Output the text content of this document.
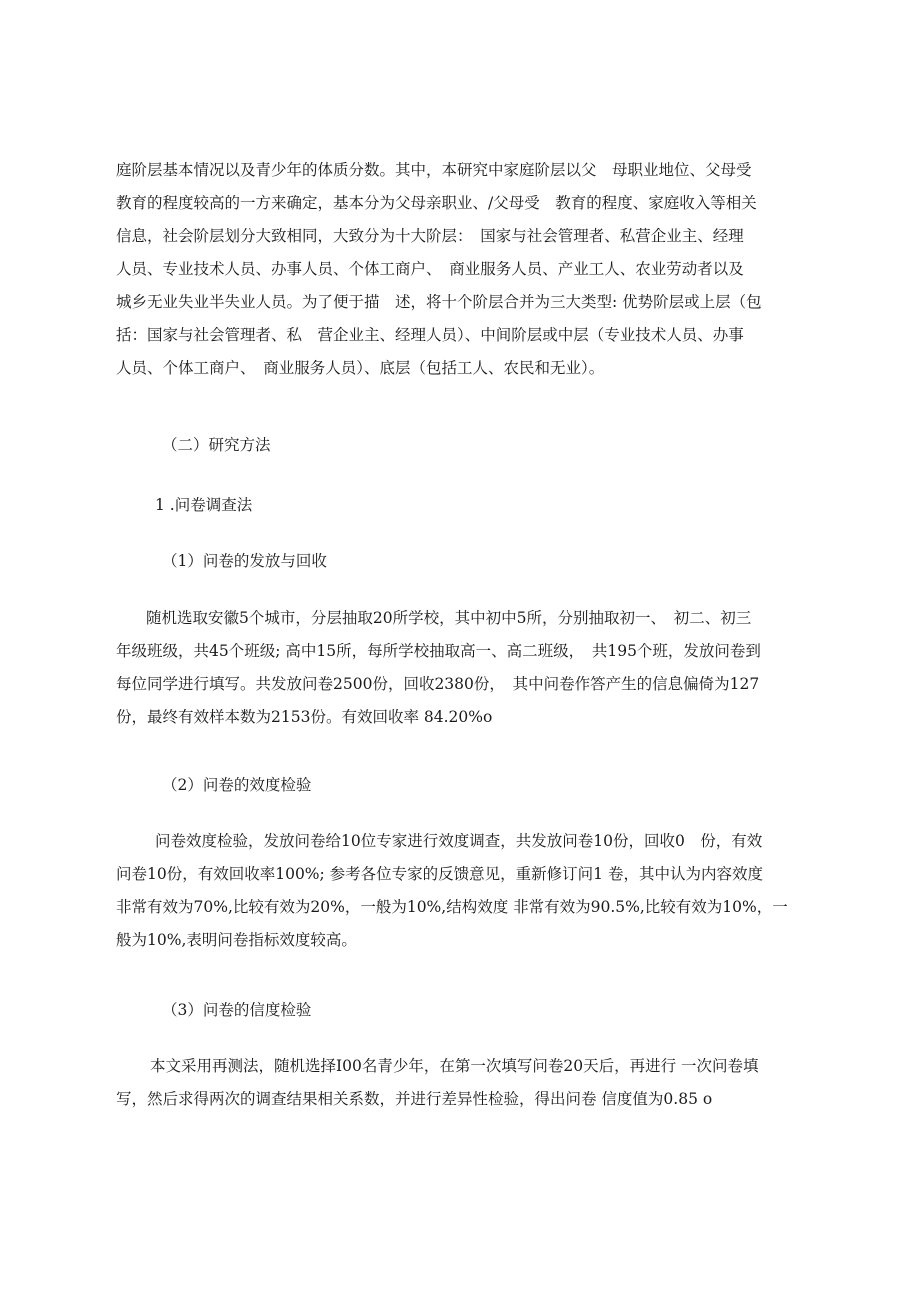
庭阶层基本情况以及青少年的体质分数。其中，本研究中家庭阶层以父　母职业地位、父母受
教育的程度较高的一方来确定，基本分为父母亲职业、/父母受　教育的程度、家庭收入等相关
信息，社会阶层划分大致相同，大致分为十大阶层：　国家与社会管理者、私营企业主、经理
人员、专业技术人员、办事人员、个体工商户、　商业服务人员、产业工人、农业劳动者以及
城乡无业失业半失业人员。为了便于描　述，将十个阶层合并为三大类型: 优势阶层或上层（包
括：国家与社会管理者、私　营企业主、经理人员）、中间阶层或中层（专业技术人员、办事
人员、个体工商户、　商业服务人员）、底层（包括工人、农民和无业）。
（二）研究方法
1 .问卷调查法
（1）问卷的发放与回收
随机选取安徽5个城市，分层抽取20所学校，其中初中5所，分别抽取初一、　初二、初三
年级班级，共45个班级; 高中15所，每所学校抽取高一、高二班级，　共195个班，发放问卷到
每位同学进行填写。共发放问卷2500份，回收2380份，　其中问卷作答产生的信息偏倚为127
份，最终有效样本数为2153份。有效回收率 84.20%o
（2）问卷的效度检验
问卷效度检验，发放问卷给10位专家进行效度调查，共发放问卷10份，回收0　份，有效
问卷10份，有效回收率100%; 参考各位专家的反馈意见，重新修订问1 卷，其中认为内容效度
非常有效为70%,比较有效为20%，一般为10%,结构效度 非常有效为90.5%,比较有效为10%，一
般为10%,表明问卷指标效度较高。
（3）问卷的信度检验
本文采用再测法，随机选择I00名青少年，在第一次填写问卷20天后，再进行 一次问卷填
写，然后求得两次的调查结果相关系数，并进行差异性检验，得出问卷 信度值为0.85 o
